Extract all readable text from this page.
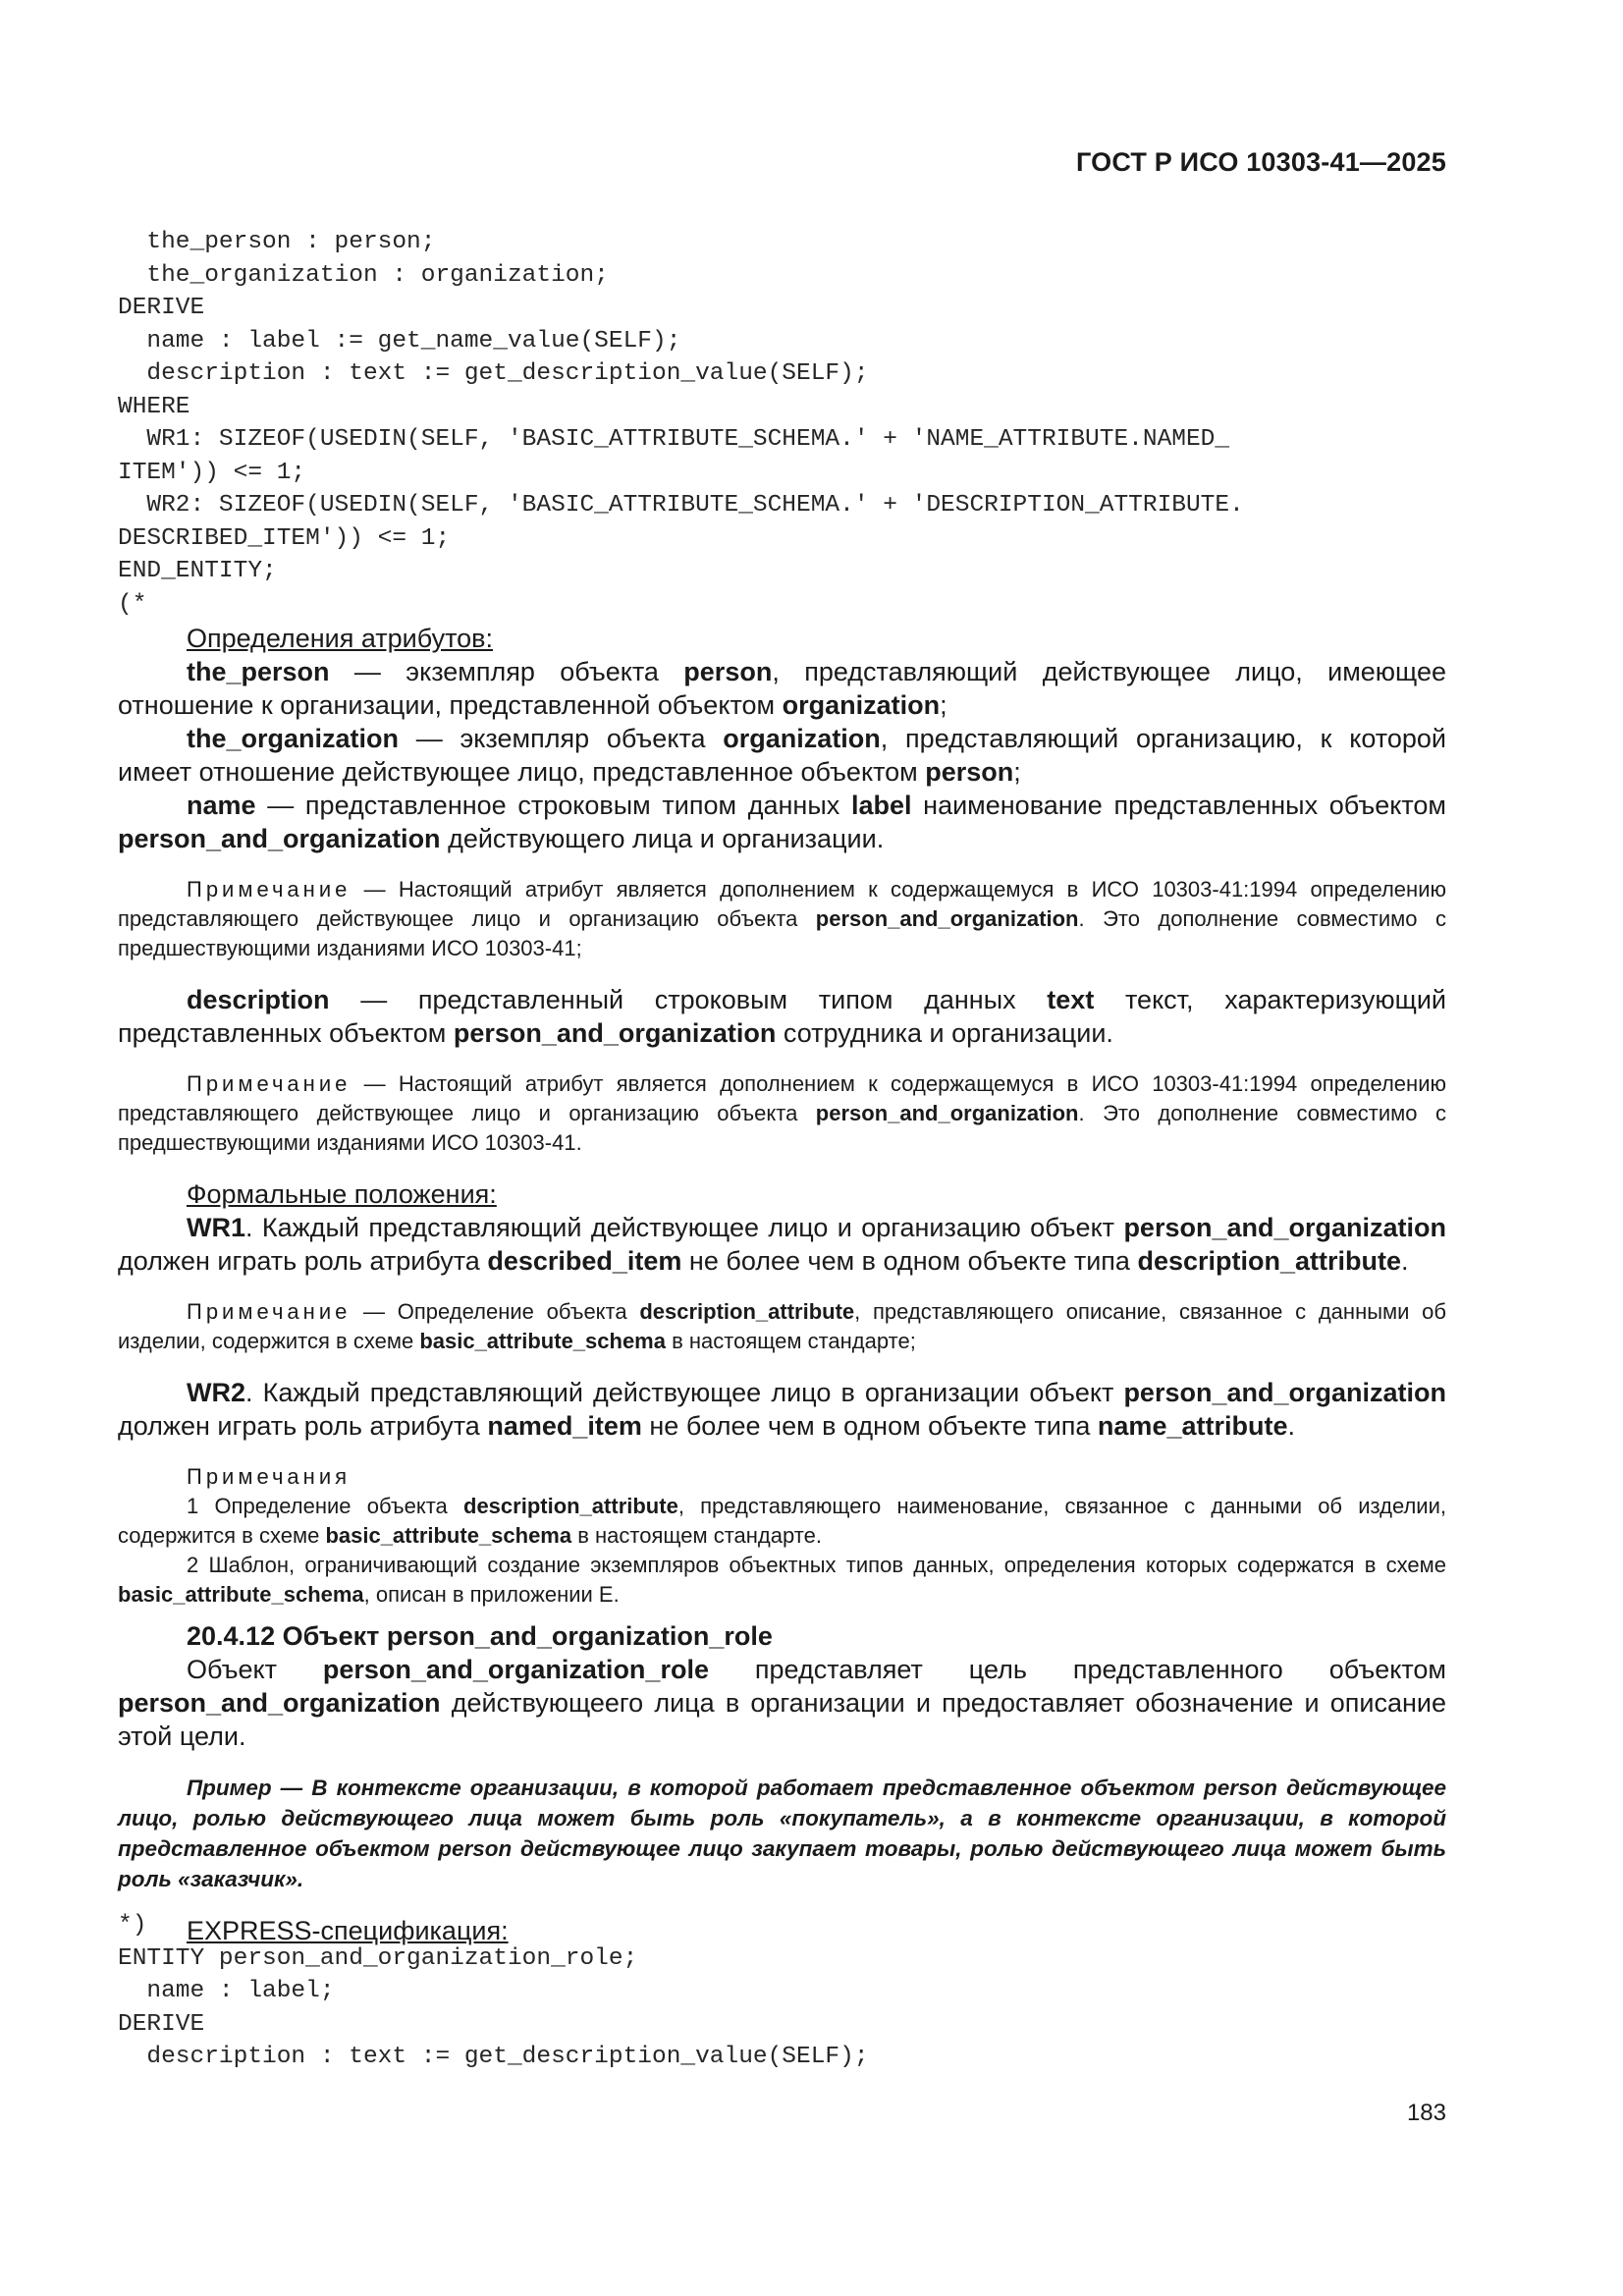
ГОСТ Р ИСО 10303-41—2025
the_person : person;
the_organization : organization;
DERIVE
name : label := get_name_value(SELF);
description : text := get_description_value(SELF);
WHERE
WR1: SIZEOF(USEDIN(SELF, 'BASIC_ATTRIBUTE_SCHEMA.' + 'NAME_ATTRIBUTE.NAMED_
ITEM')) <= 1;
WR2: SIZEOF(USEDIN(SELF, 'BASIC_ATTRIBUTE_SCHEMA.' + 'DESCRIPTION_ATTRIBUTE.
DESCRIBED_ITEM')) <= 1;
END_ENTITY;
(*

Определения атрибутов:

the_person — экземпляр объекта person, представляющий действующее лицо, имеющее отношение к организации, представленной объектом organization;

the_organization — экземпляр объекта organization, представляющий организацию, к которой имеет отношение действующее лицо, представленное объектом person;

name — представленное строковым типом данных label наименование представленных объектом person_and_organization действующего лица и организации.

Примечание — Настоящий атрибут является дополнением к содержащемуся в ИСО 10303-41:1994 определению представляющего действующее лицо и организацию объекта person_and_organization. Это дополнение совместимо с предшествующими изданиями ИСО 10303-41;

description — представленный строковым типом данных text текст, характеризующий представленных объектом person_and_organization сотрудника и организации.

Примечание — Настоящий атрибут является дополнением к содержащемуся в ИСО 10303-41:1994 определению представляющего действующее лицо и организацию объекта person_and_organization. Это дополнение совместимо с предшествующими изданиями ИСО 10303-41.

Формальные положения:

WR1. Каждый представляющий действующее лицо и организацию объект person_and_organization должен играть роль атрибута described_item не более чем в одном объекте типа description_attribute.

Примечание — Определение объекта description_attribute, представляющего описание, связанное с данными об изделии, содержится в схеме basic_attribute_schema в настоящем стандарте;

WR2. Каждый представляющий действующее лицо в организации объект person_and_organization должен играть роль атрибута named_item не более чем в одном объекте типа name_attribute.

Примечания

1 Определение объекта description_attribute, представляющего наименование, связанное с данными об изделии, содержится в схеме basic_attribute_schema в настоящем стандарте.

2 Шаблон, ограничивающий создание экземпляров объектных типов данных, определения которых содержатся в схеме basic_attribute_schema, описан в приложении Е.

20.4.12 Объект person_and_organization_role

Объект person_and_organization_role представляет цель представленного объектом person_and_organization действующеего лица в организации и предоставляет обозначение и описание этой цели.

Пример — В контексте организации, в которой работает представленное объектом person действующее лицо, ролью действующего лица может быть роль «покупатель», а в контексте организации, в которой представленное объектом person действующее лицо закупает товары, ролью действующего лица может быть роль «заказчик».

EXPRESS-спецификация:

*)
ENTITY person_and_organization_role;
name : label;
DERIVE
description : text := get_description_value(SELF);
183
